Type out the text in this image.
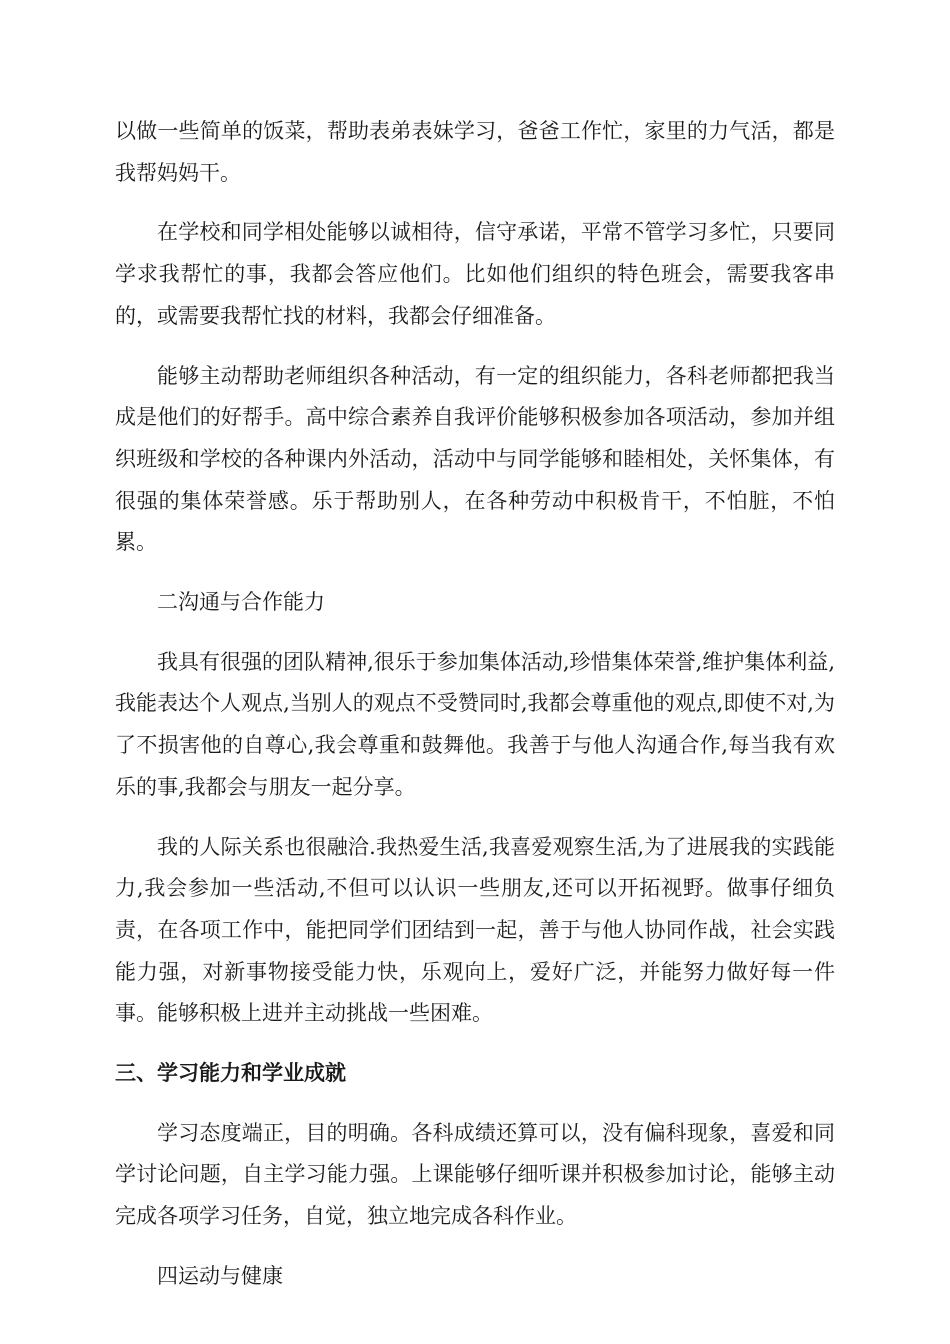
以做一些简单的饭菜，帮助表弟表妹学习，爸爸工作忙，家里的力气活，都是我帮妈妈干。

在学校和同学相处能够以诚相待，信守承诺，平常不管学习多忙，只要同学求我帮忙的事，我都会答应他们。比如他们组织的特色班会，需要我客串的，或需要我帮忙找的材料，我都会仔细准备。

能够主动帮助老师组织各种活动，有一定的组织能力，各科老师都把我当成是他们的好帮手。高中综合素养自我评价能够积极参加各项活动，参加并组织班级和学校的各种课内外活动，活动中与同学能够和睦相处，关怀集体，有很强的集体荣誉感。乐于帮助别人，在各种劳动中积极肯干，不怕脏，不怕累。

二沟通与合作能力

我具有很强的团队精神,很乐于参加集体活动,珍惜集体荣誉,维护集体利益,我能表达个人观点,当别人的观点不受赞同时,我都会尊重他的观点,即使不对,为了不损害他的自尊心,我会尊重和鼓舞他。我善于与他人沟通合作,每当我有欢乐的事,我都会与朋友一起分享。

我的人际关系也很融洽.我热爱生活,我喜爱观察生活,为了进展我的实践能力,我会参加一些活动,不但可以认识一些朋友,还可以开拓视野。做事仔细负责，在各项工作中，能把同学们团结到一起，善于与他人协同作战，社会实践能力强，对新事物接受能力快，乐观向上，爱好广泛，并能努力做好每一件事。能够积极上进并主动挑战一些困难。

三、学习能力和学业成就

学习态度端正，目的明确。各科成绩还算可以，没有偏科现象，喜爱和同学讨论问题，自主学习能力强。上课能够仔细听课并积极参加讨论，能够主动完成各项学习任务，自觉，独立地完成各科作业。

四运动与健康
